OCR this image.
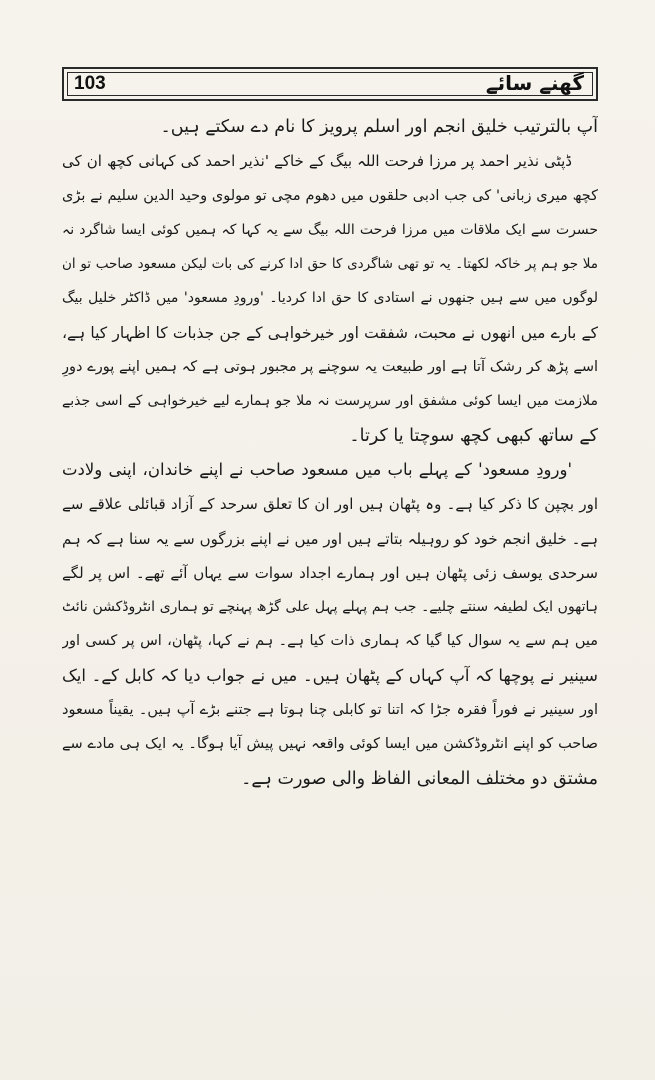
103	گھنے سائے
آپ بالترتیب خلیق انجم اور اسلم پرویز کا نام دے سکتے ہیں۔
ڈپٹی نذیر احمد پر مرزا فرحت اللہ بیگ کے خاکے 'نذیر احمد کی کہانی کچھ ان کی
کچھ میری زبانی' کی جب ادبی حلقوں میں دھوم مچی تو مولوی وحید الدین سلیم نے بڑی
حسرت سے ایک ملاقات میں مرزا فرحت اللہ بیگ سے یہ کہا کہ ہمیں کوئی ایسا شاگرد نہ
ملا جو ہم پر خاکہ لکھتا۔ یہ تو تھی شاگردی کا حق ادا کرنے کی بات لیکن مسعود صاحب تو ان
لوگوں میں سے ہیں جنھوں نے استادی کا حق ادا کردیا۔ 'ورودِ مسعود' میں ڈاکٹر خلیل بیگ
کے بارے میں انھوں نے محبت، شفقت اور خیرخواہی کے جن جذبات کا اظہار کیا ہے،
اسے پڑھ کر رشک آتا ہے اور طبیعت یہ سوچنے پر مجبور ہوتی ہے کہ ہمیں اپنے پورے دورِ
ملازمت میں ایسا کوئی مشفق اور سرپرست نہ ملا جو ہمارے لیے خیرخواہی کے اسی جذبے
کے ساتھ کبھی کچھ سوچتا یا کرتا۔
'ورودِ مسعود' کے پہلے باب میں مسعود صاحب نے اپنے خاندان، اپنی ولادت
اور بچپن کا ذکر کیا ہے۔ وہ پٹھان ہیں اور ان کا تعلق سرحد کے آزاد قبائلی علاقے سے
ہے۔ خلیق انجم خود کو روہیلہ بتاتے ہیں اور میں نے اپنے بزرگوں سے یہ سنا ہے کہ ہم
سرحدی یوسف زئی پٹھان ہیں اور ہمارے اجداد سوات سے یہاں آئے تھے۔ اس پر لگے
ہاتھوں ایک لطیفہ سنتے چلیے۔ جب ہم پہلے پہل علی گڑھ پہنچے تو ہماری انٹروڈکشن نائٹ
میں ہم سے یہ سوال کیا گیا کہ ہماری ذات کیا ہے۔ ہم نے کہا، پٹھان، اس پر کسی اور
سینیر نے پوچھا کہ آپ کہاں کے پٹھان ہیں۔ میں نے جواب دیا کہ کابل کے۔ ایک
اور سینیر نے فوراً فقرہ جڑا کہ اتنا تو کابلی چنا ہوتا ہے جتنے بڑے آپ ہیں۔ یقیناً مسعود
صاحب کو اپنے انٹروڈکشن میں ایسا کوئی واقعہ نہیں پیش آیا ہوگا۔ یہ ایک ہی مادے سے
مشتق دو مختلف المعانی الفاظ والی صورت ہے۔
